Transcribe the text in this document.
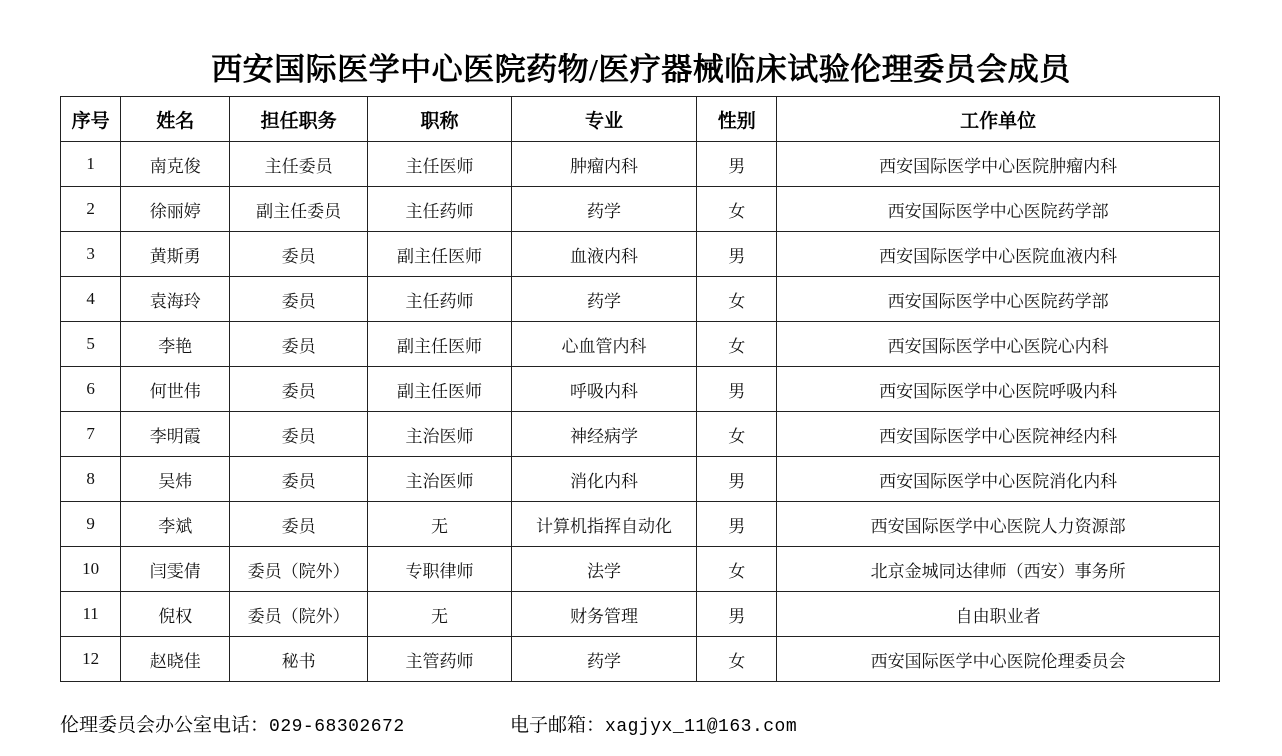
西安国际医学中心医院药物/医疗器械临床试验伦理委员会成员
序号	姓名	担任职务	职称	专业	性别	工作单位
1	南克俊	主任委员	主任医师	肿瘤内科	男	西安国际医学中心医院肿瘤内科
2	徐丽婷	副主任委员	主任药师	药学	女	西安国际医学中心医院药学部
3	黄斯勇	委员	副主任医师	血液内科	男	西安国际医学中心医院血液内科
4	袁海玲	委员	主任药师	药学	女	西安国际医学中心医院药学部
5	李艳	委员	副主任医师	心血管内科	女	西安国际医学中心医院心内科
6	何世伟	委员	副主任医师	呼吸内科	男	西安国际医学中心医院呼吸内科
7	李明霞	委员	主治医师	神经病学	女	西安国际医学中心医院神经内科
8	吴炜	委员	主治医师	消化内科	男	西安国际医学中心医院消化内科
9	李斌	委员	无	计算机指挥自动化	男	西安国际医学中心医院人力资源部
10	闫雯倩	委员（院外）	专职律师	法学	女	北京金城同达律师（西安）事务所
11	倪权	委员（院外）	无	财务管理	男	自由职业者
12	赵晓佳	秘书	主管药师	药学	女	西安国际医学中心医院伦理委员会
伦理委员会办公室电话：029-68302672	电子邮箱：xagjyx_11@163.com
